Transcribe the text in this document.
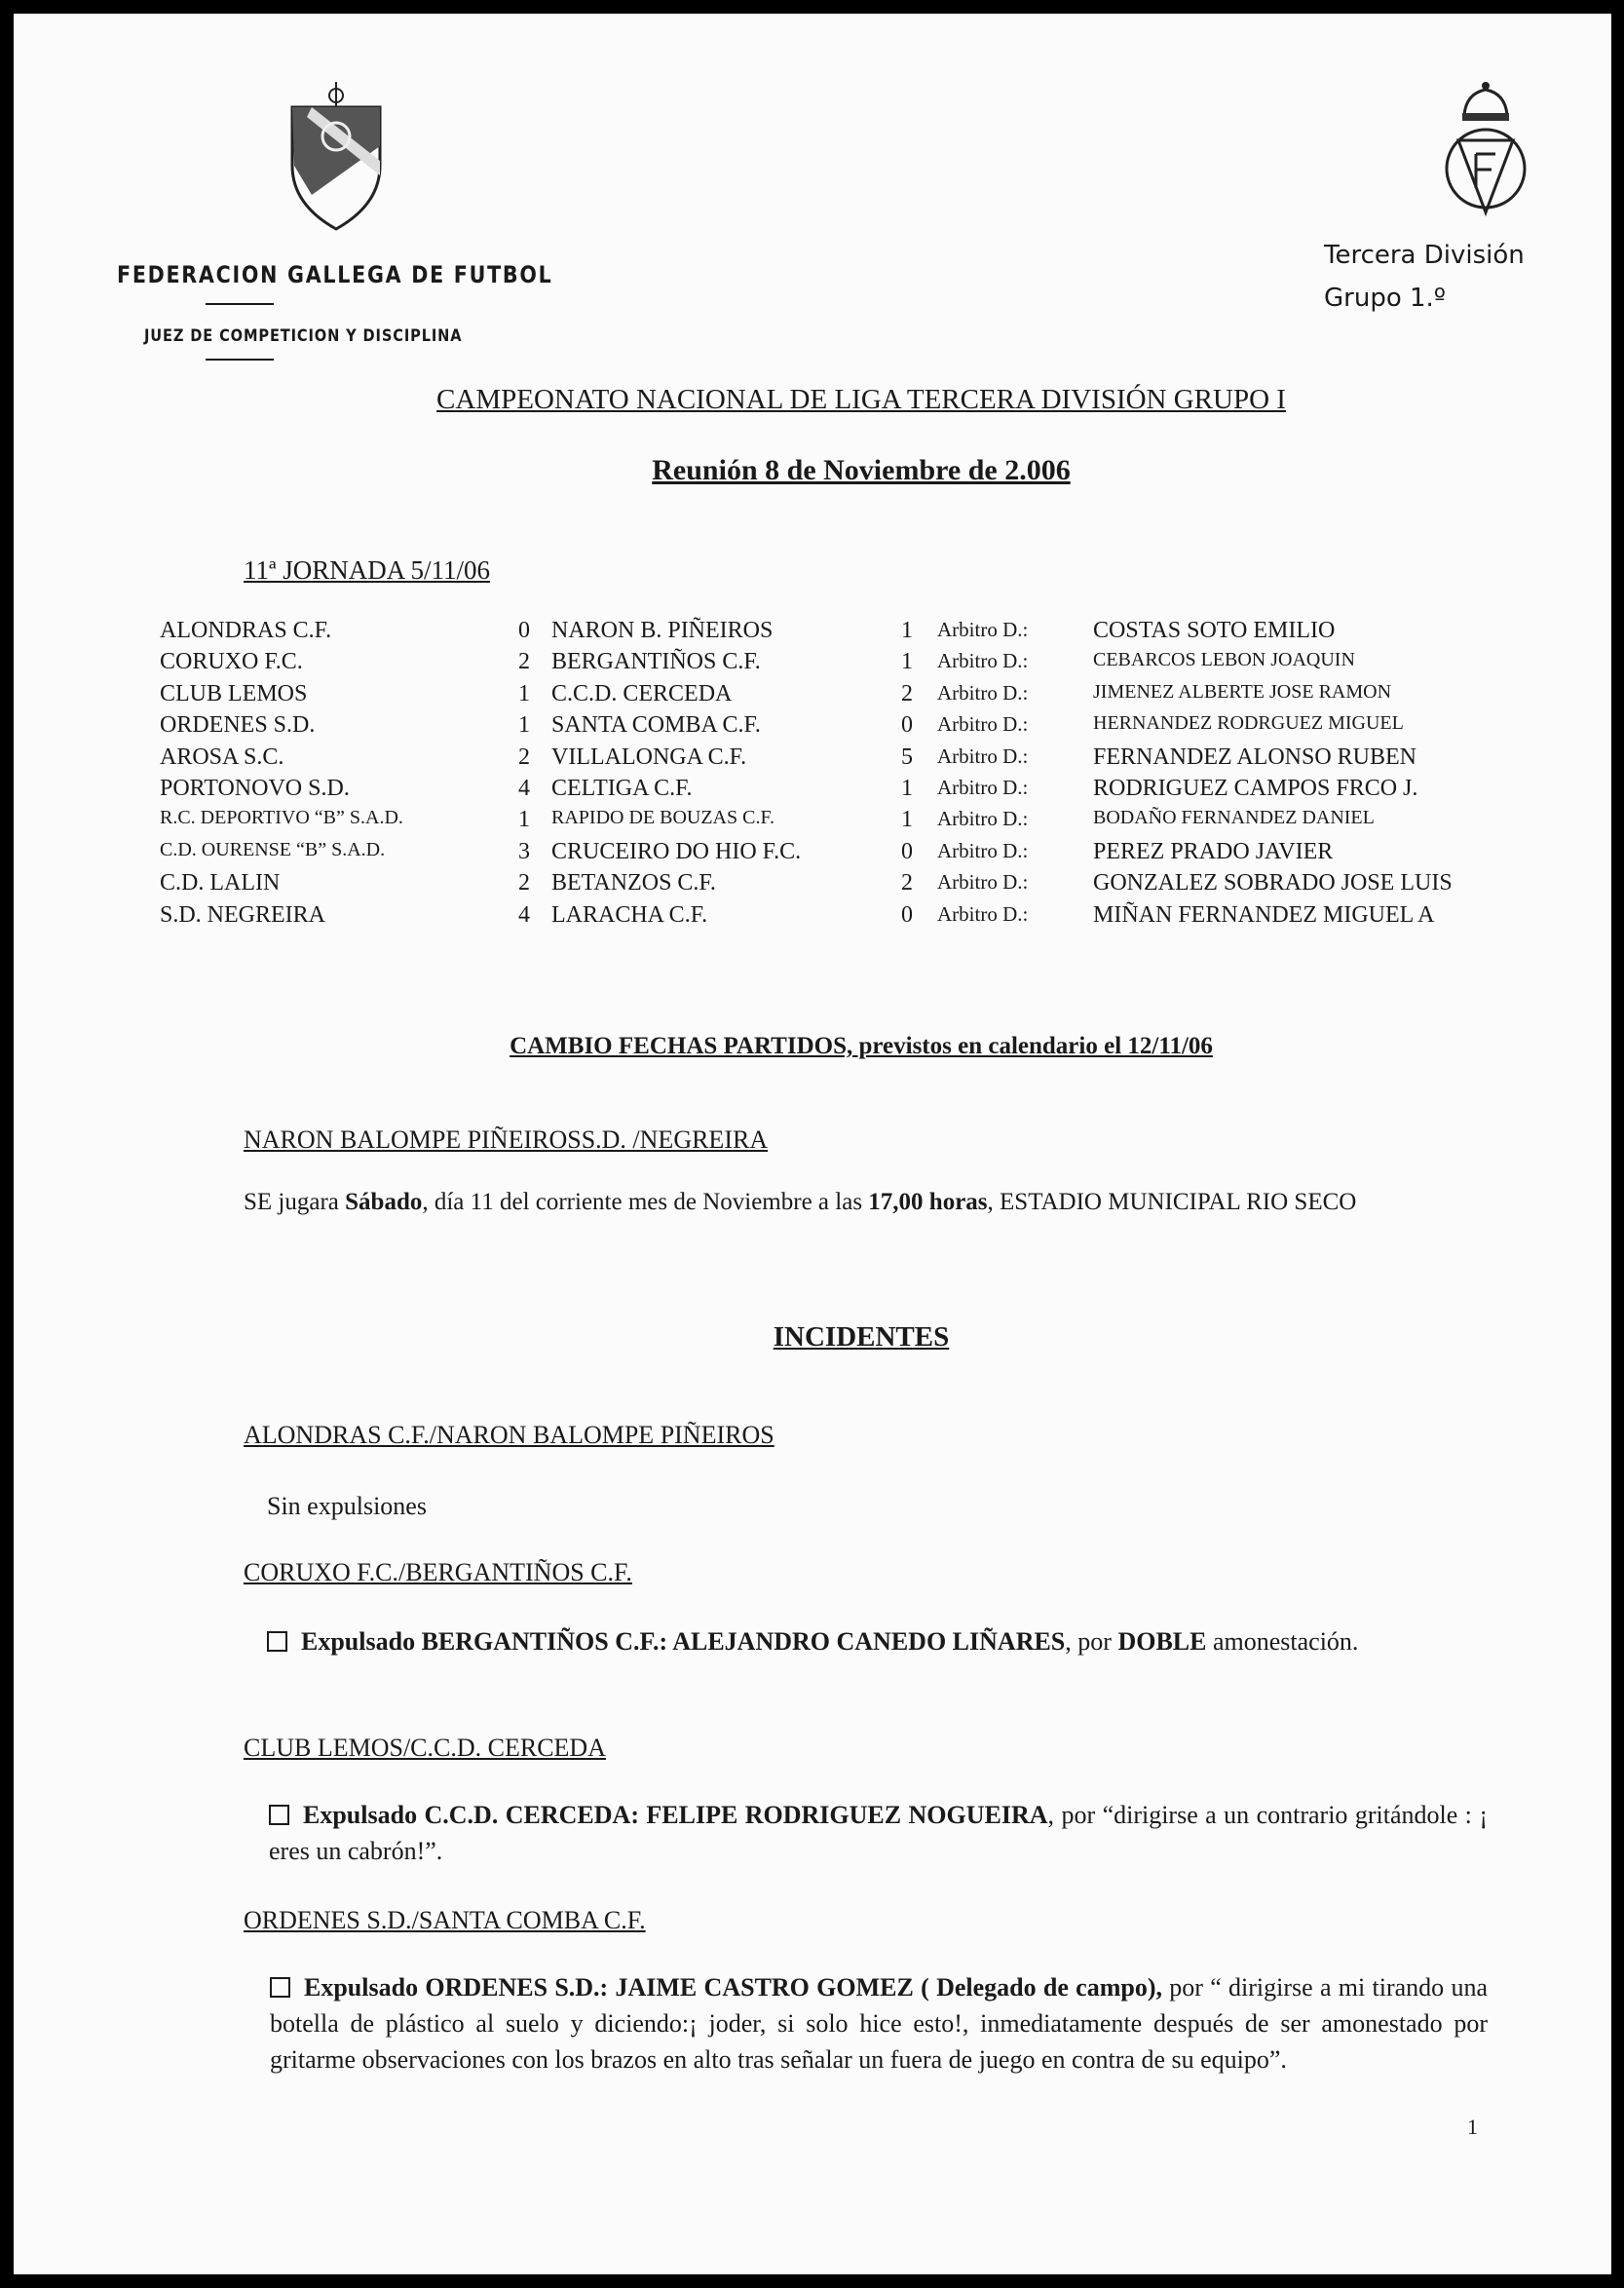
FEDERACION GALLEGA DE FUTBOL
JUEZ DE COMPETICION Y DISCIPLINA
Tercera División
Grupo 1.º
CAMPEONATO NACIONAL DE LIGA TERCERA DIVISIÓN GRUPO I
Reunión 8 de Noviembre de 2.006
11ª JORNADA 5/11/06
ALONDRAS C.F.	0 NARON B. PIÑEIROS	1 Arbitro D.:	COSTAS SOTO EMILIO
CORUXO F.C.	2 BERGANTIÑOS C.F.	1 Arbitro D.:	CEBARCOS LEBON JOAQUIN
CLUB LEMOS	1 C.C.D. CERCEDA	2 Arbitro D.:	JIMENEZ ALBERTE JOSE RAMON
ORDENES S.D.	1 SANTA COMBA C.F.	0 Arbitro D.:	HERNANDEZ RODRGUEZ MIGUEL
AROSA S.C.	2 VILLALONGA C.F.	5 Arbitro D.:	FERNANDEZ ALONSO RUBEN
PORTONOVO S.D.	4 CELTIGA C.F.	1 Arbitro D.:	RODRIGUEZ CAMPOS FRCO J.
R.C. DEPORTIVO “B” S.A.D.	1 RAPIDO DE BOUZAS C.F.	1 Arbitro D.:	BODAÑO FERNANDEZ DANIEL
C.D. OURENSE “B” S.A.D.	3 CRUCEIRO DO HIO F.C.	0 Arbitro D.:	PEREZ PRADO JAVIER
C.D. LALIN	2 BETANZOS C.F.	2 Arbitro D.:	GONZALEZ SOBRADO JOSE LUIS
S.D. NEGREIRA	4 LARACHA C.F.	0 Arbitro D.:	MIÑAN FERNANDEZ MIGUEL A
CAMBIO FECHAS PARTIDOS, previstos en calendario el 12/11/06
NARON BALOMPE PIÑEIROSS.D. /NEGREIRA
SE jugara Sábado, día 11 del corriente mes de Noviembre a las 17,00 horas, ESTADIO MUNICIPAL RIO SECO
INCIDENTES
ALONDRAS C.F./NARON BALOMPE PIÑEIROS
Sin expulsiones
CORUXO F.C./BERGANTIÑOS C.F.
Expulsado BERGANTIÑOS C.F.: ALEJANDRO CANEDO LIÑARES, por DOBLE amonestación.
CLUB LEMOS/C.C.D. CERCEDA
Expulsado C.C.D. CERCEDA: FELIPE RODRIGUEZ NOGUEIRA, por “dirigirse a un contrario gritándole : ¡ eres un cabrón!”.
ORDENES S.D./SANTA COMBA C.F.
Expulsado ORDENES S.D.: JAIME CASTRO GOMEZ ( Delegado de campo), por “ dirigirse a mi tirando una botella de plástico al suelo y diciendo:¡ joder, si solo hice esto!, inmediatamente después de ser amonestado por gritarme observaciones con los brazos en alto tras señalar un fuera de juego en contra de su equipo”.
1
